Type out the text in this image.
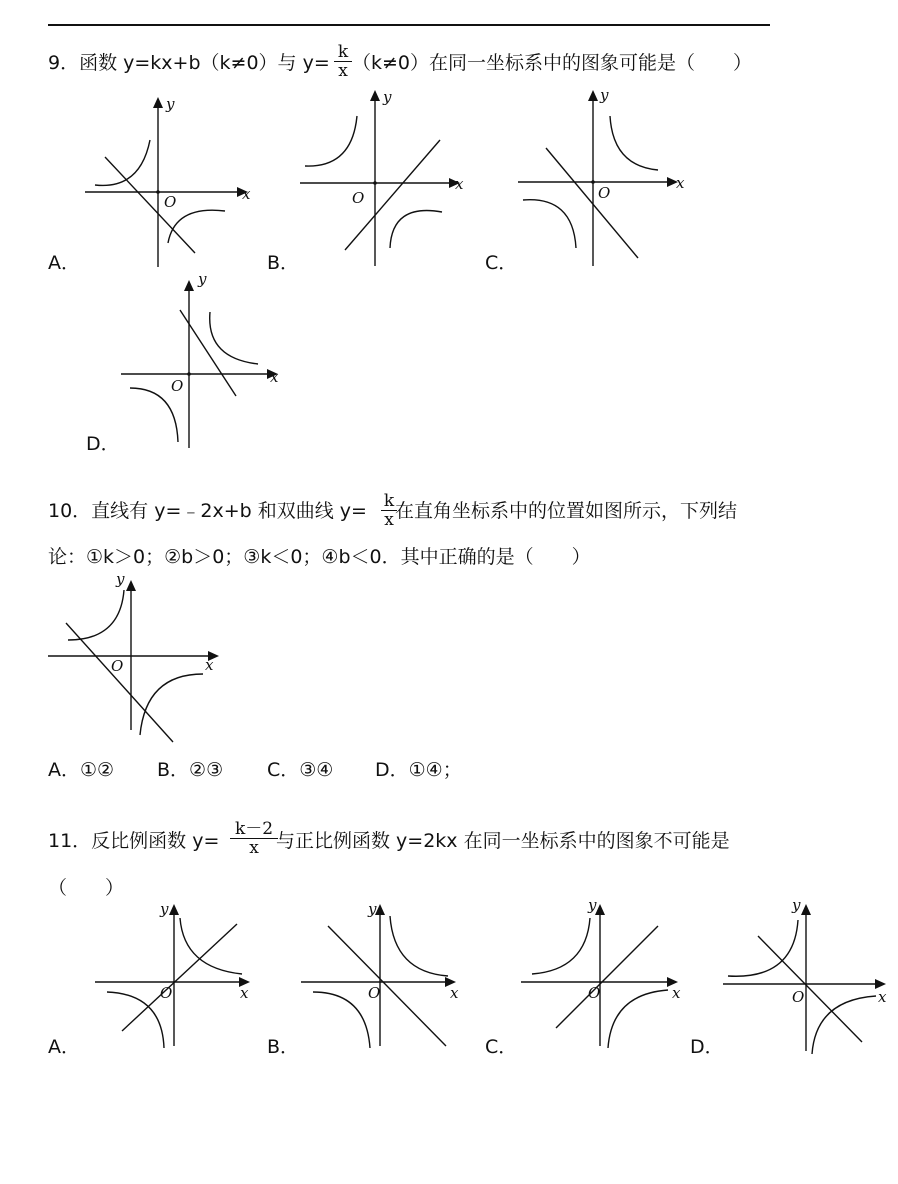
9．函数 y=kx+b（k≠0）与 y= k
x （k≠0）在同一坐标系中的图象可能是（　　）
x
y
O
A．
x
y
O
B．
x
y
O
C．
x
y
O
D．
10．直线有 y=﹣2x+b 和双曲线 y= k
x 在直角坐标系中的位置如图所示，下列结
论：①k＞0；②b＞0；③k＜0；④b＜0．其中正确的是（　　）
x
y
O
A．①② B．②③ C．③④ D．①④；
11．反比例函数 y=
k－2
x 与正比例函数 y=2kx 在同一坐标系中的图象不可能是
（　　）
x
y
O
A．
x
y
O
B．
x
y
O
C．
x
y
O
D．
